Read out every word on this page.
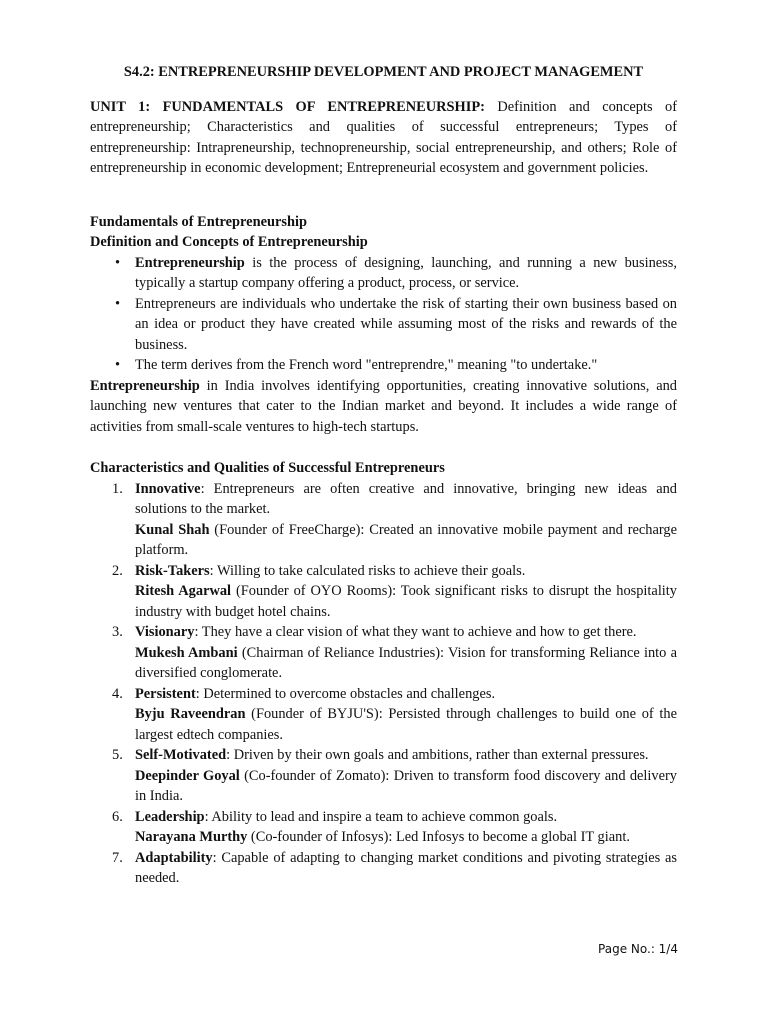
S4.2: ENTREPRENEURSHIP DEVELOPMENT AND PROJECT MANAGEMENT

UNIT 1: FUNDAMENTALS OF ENTREPRENEURSHIP: Definition and concepts of entrepreneurship; Characteristics and qualities of successful entrepreneurs; Types of entrepreneurship: Intrapreneurship, technopreneurship, social entrepreneurship, and others; Role of entrepreneurship in economic development; Entrepreneurial ecosystem and government policies.

Fundamentals of Entrepreneurship

Definition and Concepts of Entrepreneurship

• Entrepreneurship is the process of designing, launching, and running a new business, typically a startup company offering a product, process, or service.
• Entrepreneurs are individuals who undertake the risk of starting their own business based on an idea or product they have created while assuming most of the risks and rewards of the business.
• The term derives from the French word "entreprendre," meaning "to undertake."

Entrepreneurship in India involves identifying opportunities, creating innovative solutions, and launching new ventures that cater to the Indian market and beyond. It includes a wide range of activities from small-scale ventures to high-tech startups.

Characteristics and Qualities of Successful Entrepreneurs

1. Innovative: Entrepreneurs are often creative and innovative, bringing new ideas and solutions to the market.
Kunal Shah (Founder of FreeCharge): Created an innovative mobile payment and recharge platform.
2. Risk-Takers: Willing to take calculated risks to achieve their goals.
Ritesh Agarwal (Founder of OYO Rooms): Took significant risks to disrupt the hospitality industry with budget hotel chains.
3. Visionary: They have a clear vision of what they want to achieve and how to get there.
Mukesh Ambani (Chairman of Reliance Industries): Vision for transforming Reliance into a diversified conglomerate.
4. Persistent: Determined to overcome obstacles and challenges.
Byju Raveendran (Founder of BYJU'S): Persisted through challenges to build one of the largest edtech companies.
5. Self-Motivated: Driven by their own goals and ambitions, rather than external pressures.
Deepinder Goyal (Co-founder of Zomato): Driven to transform food discovery and delivery in India.
6. Leadership: Ability to lead and inspire a team to achieve common goals.
Narayana Murthy (Co-founder of Infosys): Led Infosys to become a global IT giant.
7. Adaptability: Capable of adapting to changing market conditions and pivoting strategies as needed.
Page No.: 1/4
